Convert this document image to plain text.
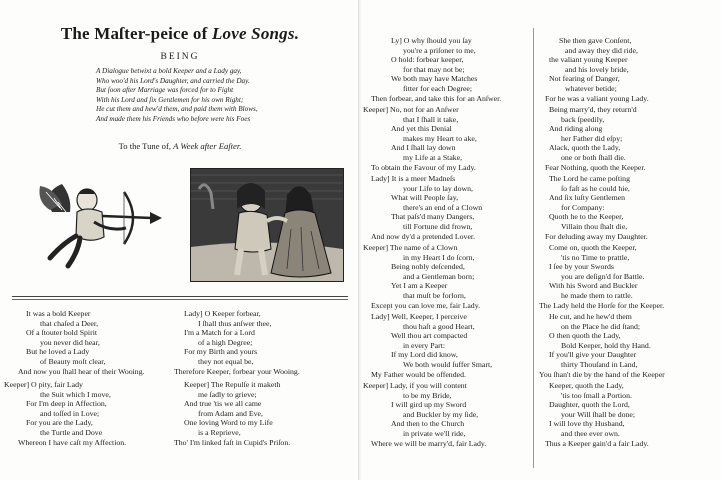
The Maſter-peice of Love Songs.
BEING
A Dialogue betwixt a bold Keeper and a Lady gay,
Who woo'd his Lord's Daughter, and carried the Day.
But ſoon after Marriage was forced for to Fight
With his Lord and ſix Gentlemen for his own Right;
He cut them and hew'd them, and paid them with Blows,
And made them his Friends who before were his Foes
To the Tune of, A Week after Eaſter.
It was a bold Keeper
that chaſed a Deer,
Of a ſtouter bold Spirit
you never did hear,
But he loved a Lady
of Beauty moſt clear,
And now you ſhall hear of their Wooing.
Keeper] O pity, fair Lady
the Suit which I move,
For I'm deep in Affection,
and toſſed in Love;
For you are the Lady,
the Turtle and Dove
Whereon I have caſt my Affection.
Lady] O Keeper forbear,
I ſhall thus anſwer thee,
I'm a Match for a Lord
of a high Degree;
For my Birth and yours
they not equal be,
Therefore Keeper, forbear your Wooing.
Keeper] The Repulſe it maketh
me ſadly to grieve;
And true 'tis we all came
from Adam and Eve,
One loving Word to my Life
is a Reprieve,
Tho' I'm linked faſt in Cupid's Priſon.
Ly] O why ſhould you ſay
you're a priſoner to me,
O hold: forbear keeper,
for that may not be;
We both may have Matches
fitter for each Degree;
Then forbear, and take this for an Anſwer.
Keeper] No, not for an Anſwer
that I ſhall it take,
And yet this Denial
makes my Heart to ake,
And I ſhall lay down
my Life at a Stake,
To obtain the Favour of my Lady.
Lady] It is a meer Madneſs
your Life to lay down,
What will People ſay,
there's an end of a Clown
That paſs'd many Dangers,
till Fortune did frown,
And now dy'd a pretended Lover.
Keeper] The name of a Clown
in my Heart I do ſcorn,
Being nobly deſcended,
and a Gentleman born;
Yet I am a Keeper
that muſt be forlorn,
Except you can love me, fair Lady.
Lady] Well, Keeper, I perceive
thou haſt a good Heart,
Well thou art compacted
in every Part:
If my Lord did know,
We both would ſuffer Smart,
My Father would be offended.
Keeper] Lady, if you will content
to be my Bride,
I will gird up my Sword
and Buckler by my ſide,
And then to the Church
in private we'll ride,
Where we will be marry'd, fair Lady.
She then gave Conſent,
and away they did ride,
the valiant young Keeper
and his lovely bride,
Not fearing of Danger,
whatever betide;
For he was a valiant young Lady.
Being marry'd, they return'd
back ſpeedily,
And riding along
her Father did eſpy;
Alack, quoth the Lady,
one or both ſhall die.
Fear Nothing, quoth the Keeper.
The Lord he came poſting
ſo faſt as he could hie,
And ſix luſty Gentlemen
for Company:
Quoth he to the Keeper,
Villain thou ſhalt die,
For deluding away my Daughter.
Come on, quoth the Keeper,
'tis no Time to prattle,
I ſee by your Swords
you are deſign'd for Battle.
With his Sword and Buckler
he made them to rattle.
The Lady held the Horſe for the Keeper.
He cut, and he hew'd them
on the Place he did ſtand;
O then quoth the Lady,
Bold Keeper, hold thy Hand.
If you'll give your Daughter
thirty Thouſand in Land,
You ſhan't die by the hand of the Keeper
Keeper, quoth the Lady,
'tis too ſmall a Portion.
Daughter, quoth the Lord,
your Will ſhall be done;
I will love thy Husband,
and thee ever own.
Thus a Keeper gain'd a fair Lady.
